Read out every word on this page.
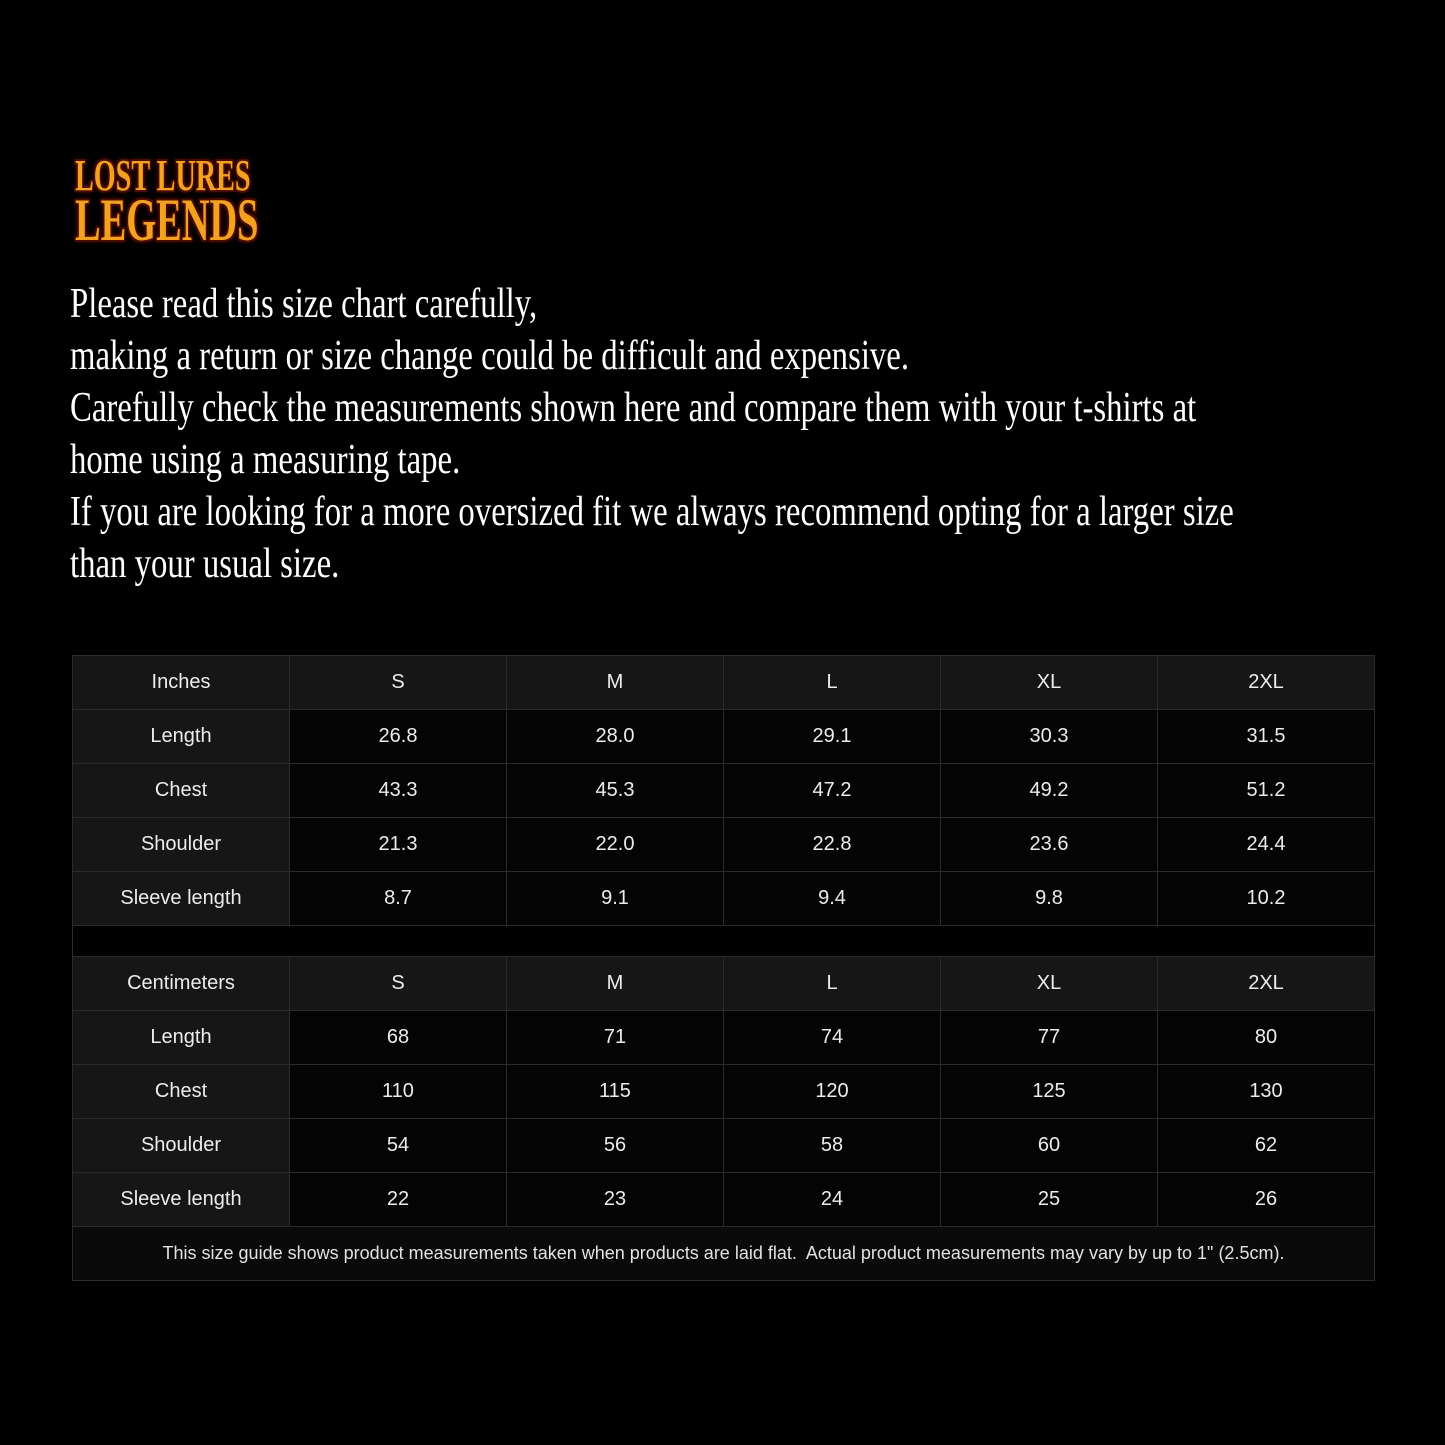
LOST LURES
LEGENDS
Please read this size chart carefully,
making a return or size change could be difficult and expensive.
Carefully check the measurements shown here and compare them with your t-shirts at
home using a measuring tape.
If you are looking for a more oversized fit we always recommend opting for a larger size
than your usual size.
Inches	S	M	L	XL	2XL
Length	26.8	28.0	29.1	30.3	31.5
Chest	43.3	45.3	47.2	49.2	51.2
Shoulder	21.3	22.0	22.8	23.6	24.4
Sleeve length	8.7	9.1	9.4	9.8	10.2

Centimeters	S	M	L	XL	2XL
Length	68	71	74	77	80
Chest	110	115	120	125	130
Shoulder	54	56	58	60	62
Sleeve length	22	23	24	25	26
This size guide shows product measurements taken when products are laid flat.  Actual product measurements may vary by up to 1" (2.5cm).					
